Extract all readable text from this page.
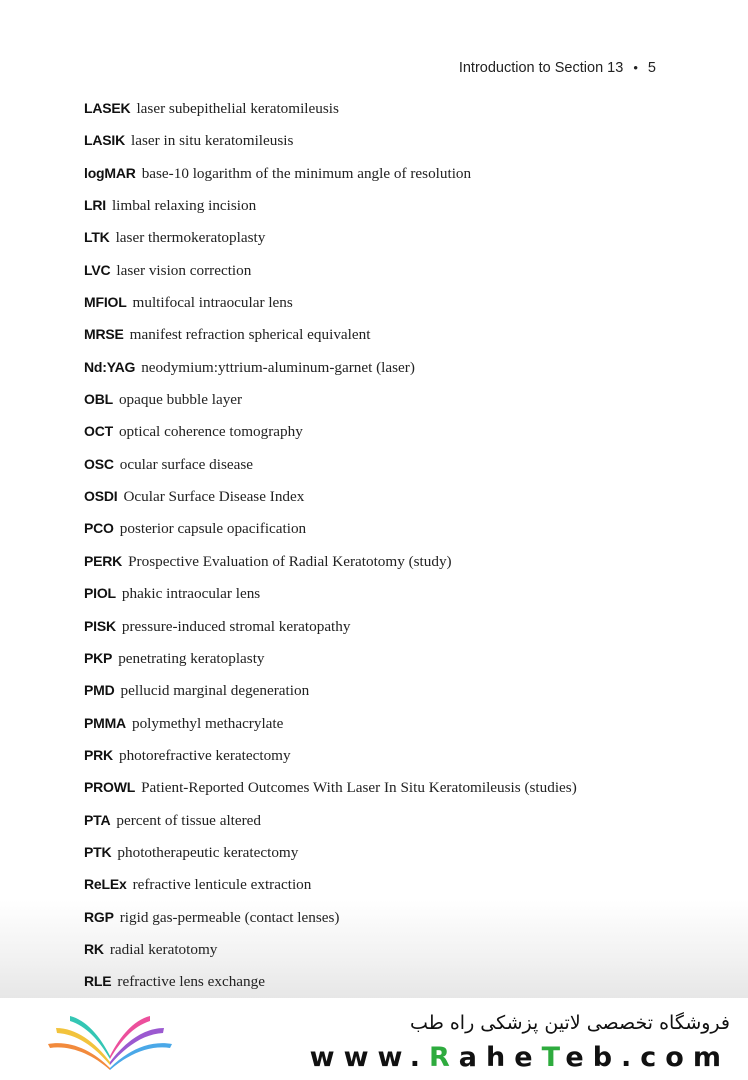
Introduction to Section 13 • 5
LASEK laser subepithelial keratomileusis
LASIK laser in situ keratomileusis
logMAR base-10 logarithm of the minimum angle of resolution
LRI limbal relaxing incision
LTK laser thermokeratoplasty
LVC laser vision correction
MFIOL multifocal intraocular lens
MRSE manifest refraction spherical equivalent
Nd:YAG neodymium:yttrium-aluminum-garnet (laser)
OBL opaque bubble layer
OCT optical coherence tomography
OSC ocular surface disease
OSDI Ocular Surface Disease Index
PCO posterior capsule opacification
PERK Prospective Evaluation of Radial Keratotomy (study)
PIOL phakic intraocular lens
PISK pressure-induced stromal keratopathy
PKP penetrating keratoplasty
PMD pellucid marginal degeneration
PMMA polymethyl methacrylate
PRK photorefractive keratectomy
PROWL Patient-Reported Outcomes With Laser In Situ Keratomileusis (studies)
PTA percent of tissue altered
PTK phototherapeutic keratectomy
ReLEx refractive lenticule extraction
RGP rigid gas-permeable (contact lenses)
RK radial keratotomy
RLE refractive lens exchange
فروشگاه تخصصی لاتین پزشکی راه طب
www.RaheTeb.com
